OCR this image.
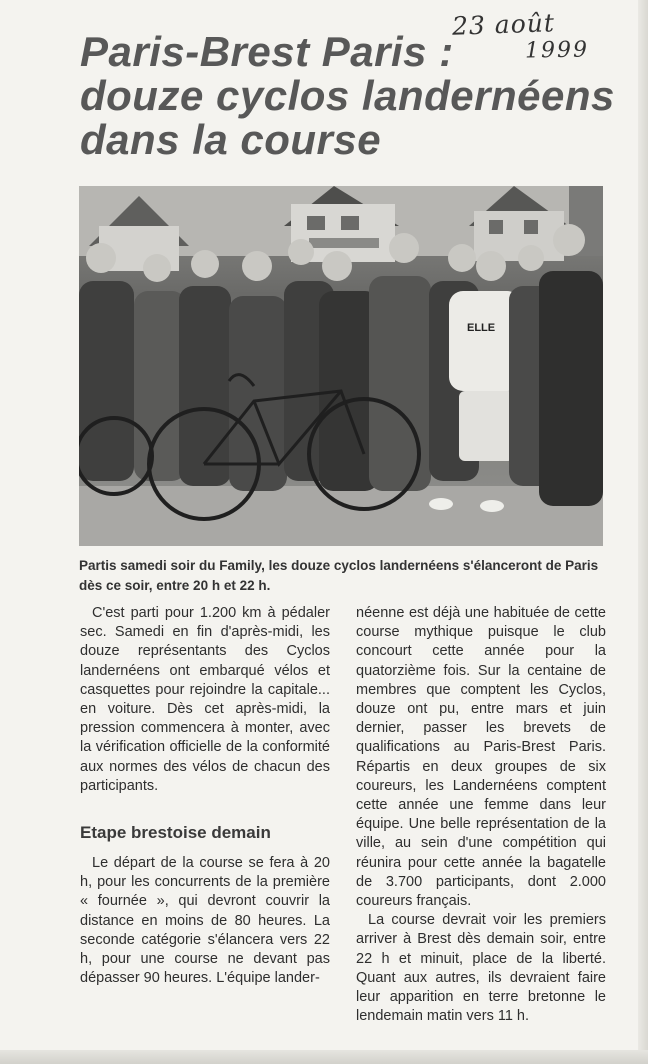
23 août
1999
Paris-Brest Paris :
douze cyclos landernéens
dans la course
ELLE

Partis samedi soir du Family, les douze cyclos landernéens s'élanceront de Paris dès ce soir, entre 20 h et 22 h.

C'est parti pour 1.200 km à pédaler sec. Samedi en fin d'après-midi, les douze représentants des Cyclos landernéens ont embarqué vélos et casquettes pour rejoindre la capitale... en voiture. Dès cet après-midi, la pression commencera à monter, avec la vérification officielle de la conformité aux normes des vélos de chacun des participants.

Etape brestoise demain

Le départ de la course se fera à 20 h, pour les concurrents de la première « fournée », qui devront couvrir la distance en moins de 80 heures. La seconde catégorie s'élancera vers 22 h, pour une course ne devant pas dépasser 90 heures. L'équipe lander-

néenne est déjà une habituée de cette course mythique puisque le club concourt cette année pour la quatorzième fois. Sur la centaine de membres que comptent les Cyclos, douze ont pu, entre mars et juin dernier, passer les brevets de qualifications au Paris-Brest Paris. Répartis en deux groupes de six coureurs, les Landernéens comptent cette année une femme dans leur équipe. Une belle représentation de la ville, au sein d'une compétition qui réunira pour cette année la bagatelle de 3.700 participants, dont 2.000 coureurs français.

La course devrait voir les premiers arriver à Brest dès demain soir, entre 22 h et minuit, place de la liberté. Quant aux autres, ils devraient faire leur apparition en terre bretonne le lendemain matin vers 11 h.
